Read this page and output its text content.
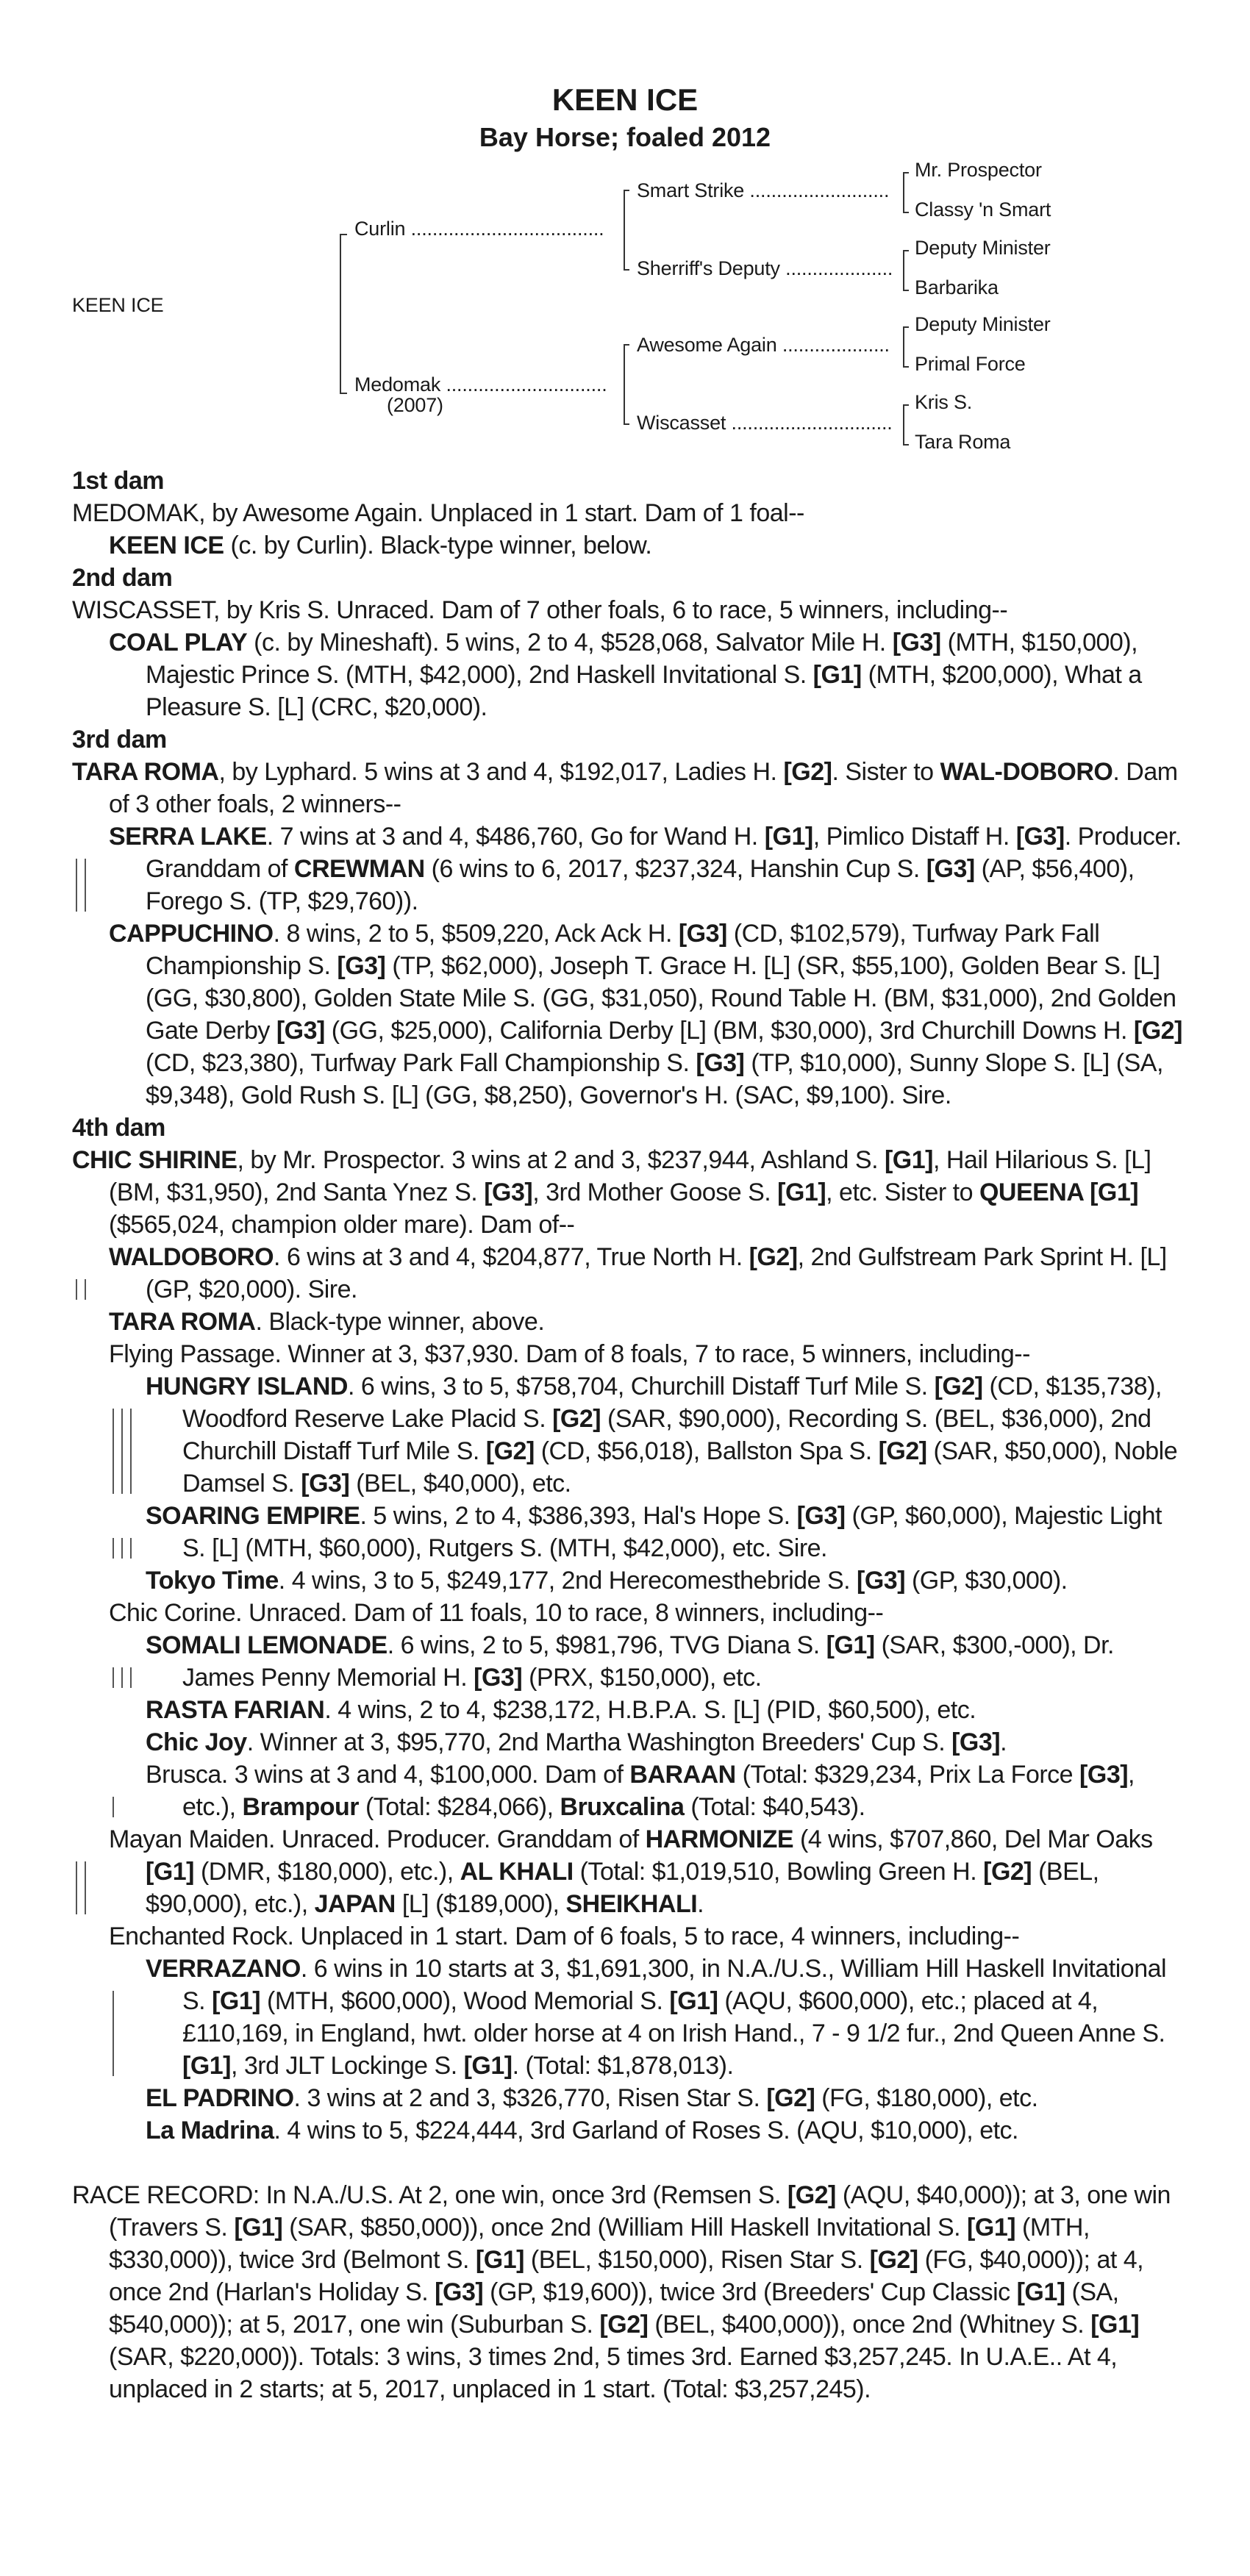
KEEN ICE
Bay Horse; foaled 2012
KEEN ICE
Curlin ....................................
Medomak ..............................
(2007)
Smart Strike ..........................
Sherriff's Deputy ....................
Awesome Again ....................
Wiscasset ..............................
Mr. Prospector
Classy 'n Smart
Deputy Minister
Barbarika
Deputy Minister
Primal Force
Kris S.
Tara Roma
1st dam
MEDOMAK, by Awesome Again. Unplaced in 1 start. Dam of 1 foal--
KEEN ICE (c. by Curlin). Black-type winner, below.
2nd dam
WISCASSET, by Kris S. Unraced. Dam of 7 other foals, 6 to race, 5 winners, including--
COAL PLAY (c. by Mineshaft). 5 wins, 2 to 4, $528,068, Salvator Mile H. [G3] (MTH, $150,000), Majestic Prince S. (MTH, $42,000), 2nd Haskell Invitational S. [G1] (MTH, $200,000), What a Pleasure S. [L] (CRC, $20,000).
3rd dam
TARA ROMA, by Lyphard. 5 wins at 3 and 4, $192,017, Ladies H. [G2]. Sister to WAL-DOBORO. Dam of 3 other foals, 2 winners--
SERRA LAKE. 7 wins at 3 and 4, $486,760, Go for Wand H. [G1], Pimlico Distaff H. [G3]. Producer. Granddam of CREWMAN (6 wins to 6, 2017, $237,324, Hanshin Cup S. [G3] (AP, $56,400), Forego S. (TP, $29,760)).
CAPPUCHINO. 8 wins, 2 to 5, $509,220, Ack Ack H. [G3] (CD, $102,579), Turfway Park Fall Championship S. [G3] (TP, $62,000), Joseph T. Grace H. [L] (SR, $55,100), Golden Bear S. [L] (GG, $30,800), Golden State Mile S. (GG, $31,050), Round Table H. (BM, $31,000), 2nd Golden Gate Derby [G3] (GG, $25,000), California Derby [L] (BM, $30,000), 3rd Churchill Downs H. [G2] (CD, $23,380), Turfway Park Fall Championship S. [G3] (TP, $10,000), Sunny Slope S. [L] (SA, $9,348), Gold Rush S. [L] (GG, $8,250), Governor's H. (SAC, $9,100). Sire.
4th dam
CHIC SHIRINE, by Mr. Prospector. 3 wins at 2 and 3, $237,944, Ashland S. [G1], Hail Hilarious S. [L] (BM, $31,950), 2nd Santa Ynez S. [G3], 3rd Mother Goose S. [G1], etc. Sister to QUEENA [G1] ($565,024, champion older mare). Dam of--
WALDOBORO. 6 wins at 3 and 4, $204,877, True North H. [G2], 2nd Gulfstream Park Sprint H. [L] (GP, $20,000). Sire.
TARA ROMA. Black-type winner, above.
Flying Passage. Winner at 3, $37,930. Dam of 8 foals, 7 to race, 5 winners, including--
HUNGRY ISLAND. 6 wins, 3 to 5, $758,704, Churchill Distaff Turf Mile S. [G2] (CD, $135,738), Woodford Reserve Lake Placid S. [G2] (SAR, $90,000), Recording S. (BEL, $36,000), 2nd Churchill Distaff Turf Mile S. [G2] (CD, $56,018), Ballston Spa S. [G2] (SAR, $50,000), Noble Damsel S. [G3] (BEL, $40,000), etc.
SOARING EMPIRE. 5 wins, 2 to 4, $386,393, Hal's Hope S. [G3] (GP, $60,000), Majestic Light S. [L] (MTH, $60,000), Rutgers S. (MTH, $42,000), etc. Sire.
Tokyo Time. 4 wins, 3 to 5, $249,177, 2nd Herecomesthebride S. [G3] (GP, $30,000).
Chic Corine. Unraced. Dam of 11 foals, 10 to race, 8 winners, including--
SOMALI LEMONADE. 6 wins, 2 to 5, $981,796, TVG Diana S. [G1] (SAR, $300,-000), Dr. James Penny Memorial H. [G3] (PRX, $150,000), etc.
RASTA FARIAN. 4 wins, 2 to 4, $238,172, H.B.P.A. S. [L] (PID, $60,500), etc.
Chic Joy. Winner at 3, $95,770, 2nd Martha Washington Breeders' Cup S. [G3].
Brusca. 3 wins at 3 and 4, $100,000. Dam of BARAAN (Total: $329,234, Prix La Force [G3], etc.), Brampour (Total: $284,066), Bruxcalina (Total: $40,543).
Mayan Maiden. Unraced. Producer. Granddam of HARMONIZE (4 wins, $707,860, Del Mar Oaks [G1] (DMR, $180,000), etc.), AL KHALI (Total: $1,019,510, Bowling Green H. [G2] (BEL, $90,000), etc.), JAPAN [L] ($189,000), SHEIKHALI.
Enchanted Rock. Unplaced in 1 start. Dam of 6 foals, 5 to race, 4 winners, including--
VERRAZANO. 6 wins in 10 starts at 3, $1,691,300, in N.A./U.S., William Hill Haskell Invitational S. [G1] (MTH, $600,000), Wood Memorial S. [G1] (AQU, $600,000), etc.; placed at 4, £110,169, in England, hwt. older horse at 4 on Irish Hand., 7 - 9 1/2 fur., 2nd Queen Anne S. [G1], 3rd JLT Lockinge S. [G1]. (Total: $1,878,013).
EL PADRINO. 3 wins at 2 and 3, $326,770, Risen Star S. [G2] (FG, $180,000), etc.
La Madrina. 4 wins to 5, $224,444, 3rd Garland of Roses S. (AQU, $10,000), etc.
RACE RECORD: In N.A./U.S. At 2, one win, once 3rd (Remsen S. [G2] (AQU, $40,000)); at 3, one win (Travers S. [G1] (SAR, $850,000)), once 2nd (William Hill Haskell Invitational S. [G1] (MTH, $330,000)), twice 3rd (Belmont S. [G1] (BEL, $150,000), Risen Star S. [G2] (FG, $40,000)); at 4, once 2nd (Harlan's Holiday S. [G3] (GP, $19,600)), twice 3rd (Breeders' Cup Classic [G1] (SA, $540,000)); at 5, 2017, one win (Suburban S. [G2] (BEL, $400,000)), once 2nd (Whitney S. [G1] (SAR, $220,000)). Totals: 3 wins, 3 times 2nd, 5 times 3rd. Earned $3,257,245. In U.A.E.. At 4, unplaced in 2 starts; at 5, 2017, unplaced in 1 start. (Total: $3,257,245).
